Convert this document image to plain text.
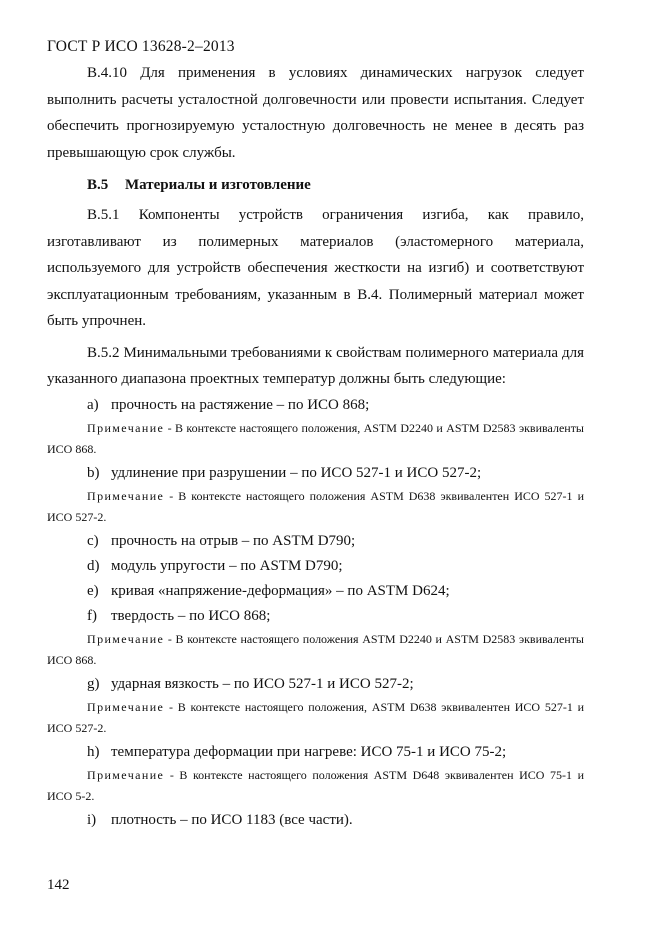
ГОСТ Р ИСО 13628-2–2013

B.4.10 Для применения в условиях динамических нагрузок следует выполнить расчеты усталостной долговечности или провести испытания. Следует обеспечить прогнозируемую усталостную долговечность не менее в десять раз превышающую срок службы.

B.5 Материалы и изготовление

B.5.1 Компоненты устройств ограничения изгиба, как правило, изготавливают из полимерных материалов (эластомерного материала, используемого для устройств обеспечения жесткости на изгиб) и соответствуют эксплуатационным требованиям, указанным в B.4. Полимерный материал может быть упрочнен.

B.5.2 Минимальными требованиями к свойствам полимерного материала для указанного диапазона проектных температур должны быть следующие:

a) прочность на растяжение – по ИСО 868;

Примечание - В контексте настоящего положения, ASTM D2240 и ASTM D2583 эквиваленты ИСО 868.

b) удлинение при разрушении – по ИСО 527-1 и ИСО 527-2;

Примечание - В контексте настоящего положения ASTM D638 эквивалентен ИСО 527-1 и ИСО 527-2.

c) прочность на отрыв – по ASTM D790;
d) модуль упругости – по ASTM D790;
e) кривая «напряжение-деформация» – по ASTM D624;
f) твердость – по ИСО 868;

Примечание - В контексте настоящего положения ASTM D2240 и ASTM D2583 эквиваленты ИСО 868.

g) ударная вязкость – по ИСО 527-1 и ИСО 527-2;

Примечание - В контексте настоящего положения, ASTM D638 эквивалентен ИСО 527-1 и ИСО 527-2.

h) температура деформации при нагреве: ИСО 75-1 и ИСО 75-2;

Примечание - В контексте настоящего положения ASTM D648 эквивалентен ИСО 75-1 и ИСО 5-2.

i) плотность – по ИСО 1183 (все части).
142
